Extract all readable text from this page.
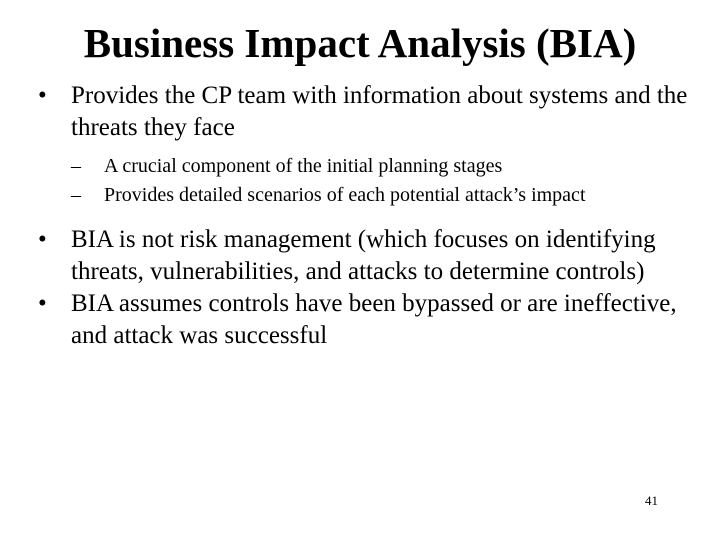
Business Impact Analysis (BIA)
• Provides the CP team with information about systems and the threats they face
–	A crucial component of the initial planning stages
–	Provides detailed scenarios of each potential attack’s impact
• BIA is not risk management (which focuses on identifying threats, vulnerabilities, and attacks to determine controls)
• BIA assumes controls have been bypassed or are ineffective, and attack was successful
41
